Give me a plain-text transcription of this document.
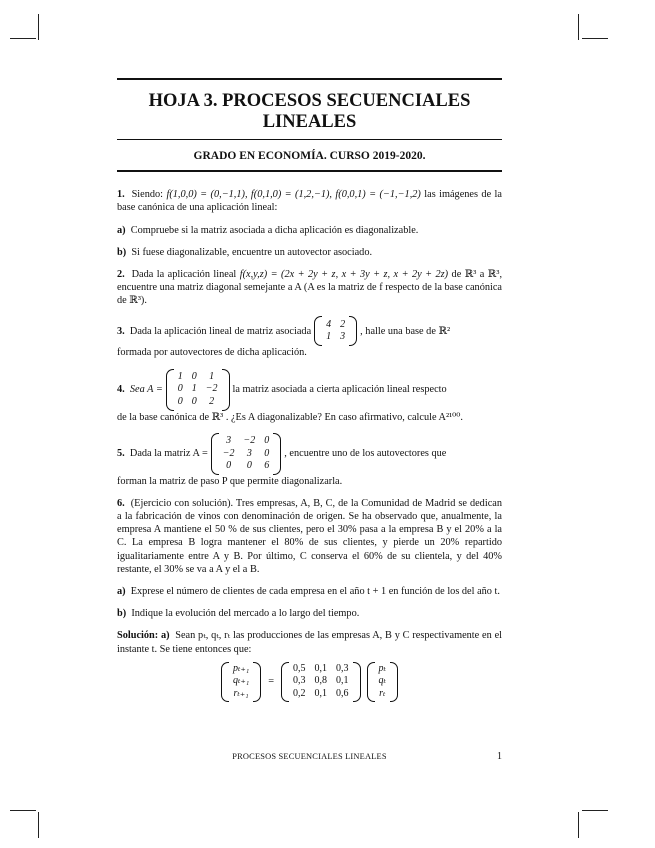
HOJA 3. PROCESOS SECUENCIALES
LINEALES
GRADO EN ECONOMÍA. CURSO 2019-2020.
1. Siendo: f(1,0,0) = (0,−1,1), f(0,1,0) = (1,2,−1), f(0,0,1) = (−1,−1,2) las imágenes de la base canónica de una aplicación lineal:
a) Compruebe si la matriz asociada a dicha aplicación es diagonalizable.
b) Si fuese diagonalizable, encuentre un autovector asociado.
2. Dada la aplicación lineal f(x,y,z) = (2x + 2y + z, x + 3y + z, x + 2y + 2z) de ℝ³ a ℝ³, encuentre una matriz diagonal semejante a A (A es la matriz de f respecto de la base canónica de ℝ³).
3.
Dada la aplicación lineal de matriz asociada
4 2
1 3
, halle una base de ℝ²
formada por autovectores de dicha aplicación.
4.
Sea A =
1 0	1
0 1 −2
0 0	2
la matriz asociada a cierta aplicación lineal respecto
de la base canónica de ℝ³ . ¿Es A diagonalizable? En caso afirmativo, calcule A²¹⁰⁰.
5.
Dada la matriz A =
3	−2 0
−2	3	0
0	0	6
, encuentre uno de los autovectores que
forman la matriz de paso P que permite diagonalizarla.
6. (Ejercicio con solución). Tres empresas, A, B, C, de la Comunidad de Madrid se dedican a la fabricación de vinos con denominación de origen. Se ha observado que, anualmente, la empresa A mantiene el 50 % de sus clientes, pero el 30% pasa a la empresa B y el 20% a la C. La empresa B logra mantener el 80% de sus clientes, y pierde un 20% repartido igualitariamente entre A y B. Por último, C conserva el 60% de su clientela, y del 40% restante, el 30% se va a A y el a B.
a) Exprese el número de clientes de cada empresa en el año t + 1 en función de los del año t.
b) Indique la evolución del mercado a lo largo del tiempo.
Solución: a) Sean pₜ, qₜ, rₜ las producciones de las empresas A, B y C respectivamente en el instante t. Se tiene entonces que:
pₜ₊₁
qₜ₊₁
rₜ₊₁
=
0,5 0,1 0,3
0,3 0,8 0,1
0,2 0,1 0,6
pₜ
qₜ
rₜ
PROCESOS SECUENCIALES LINEALES	1
